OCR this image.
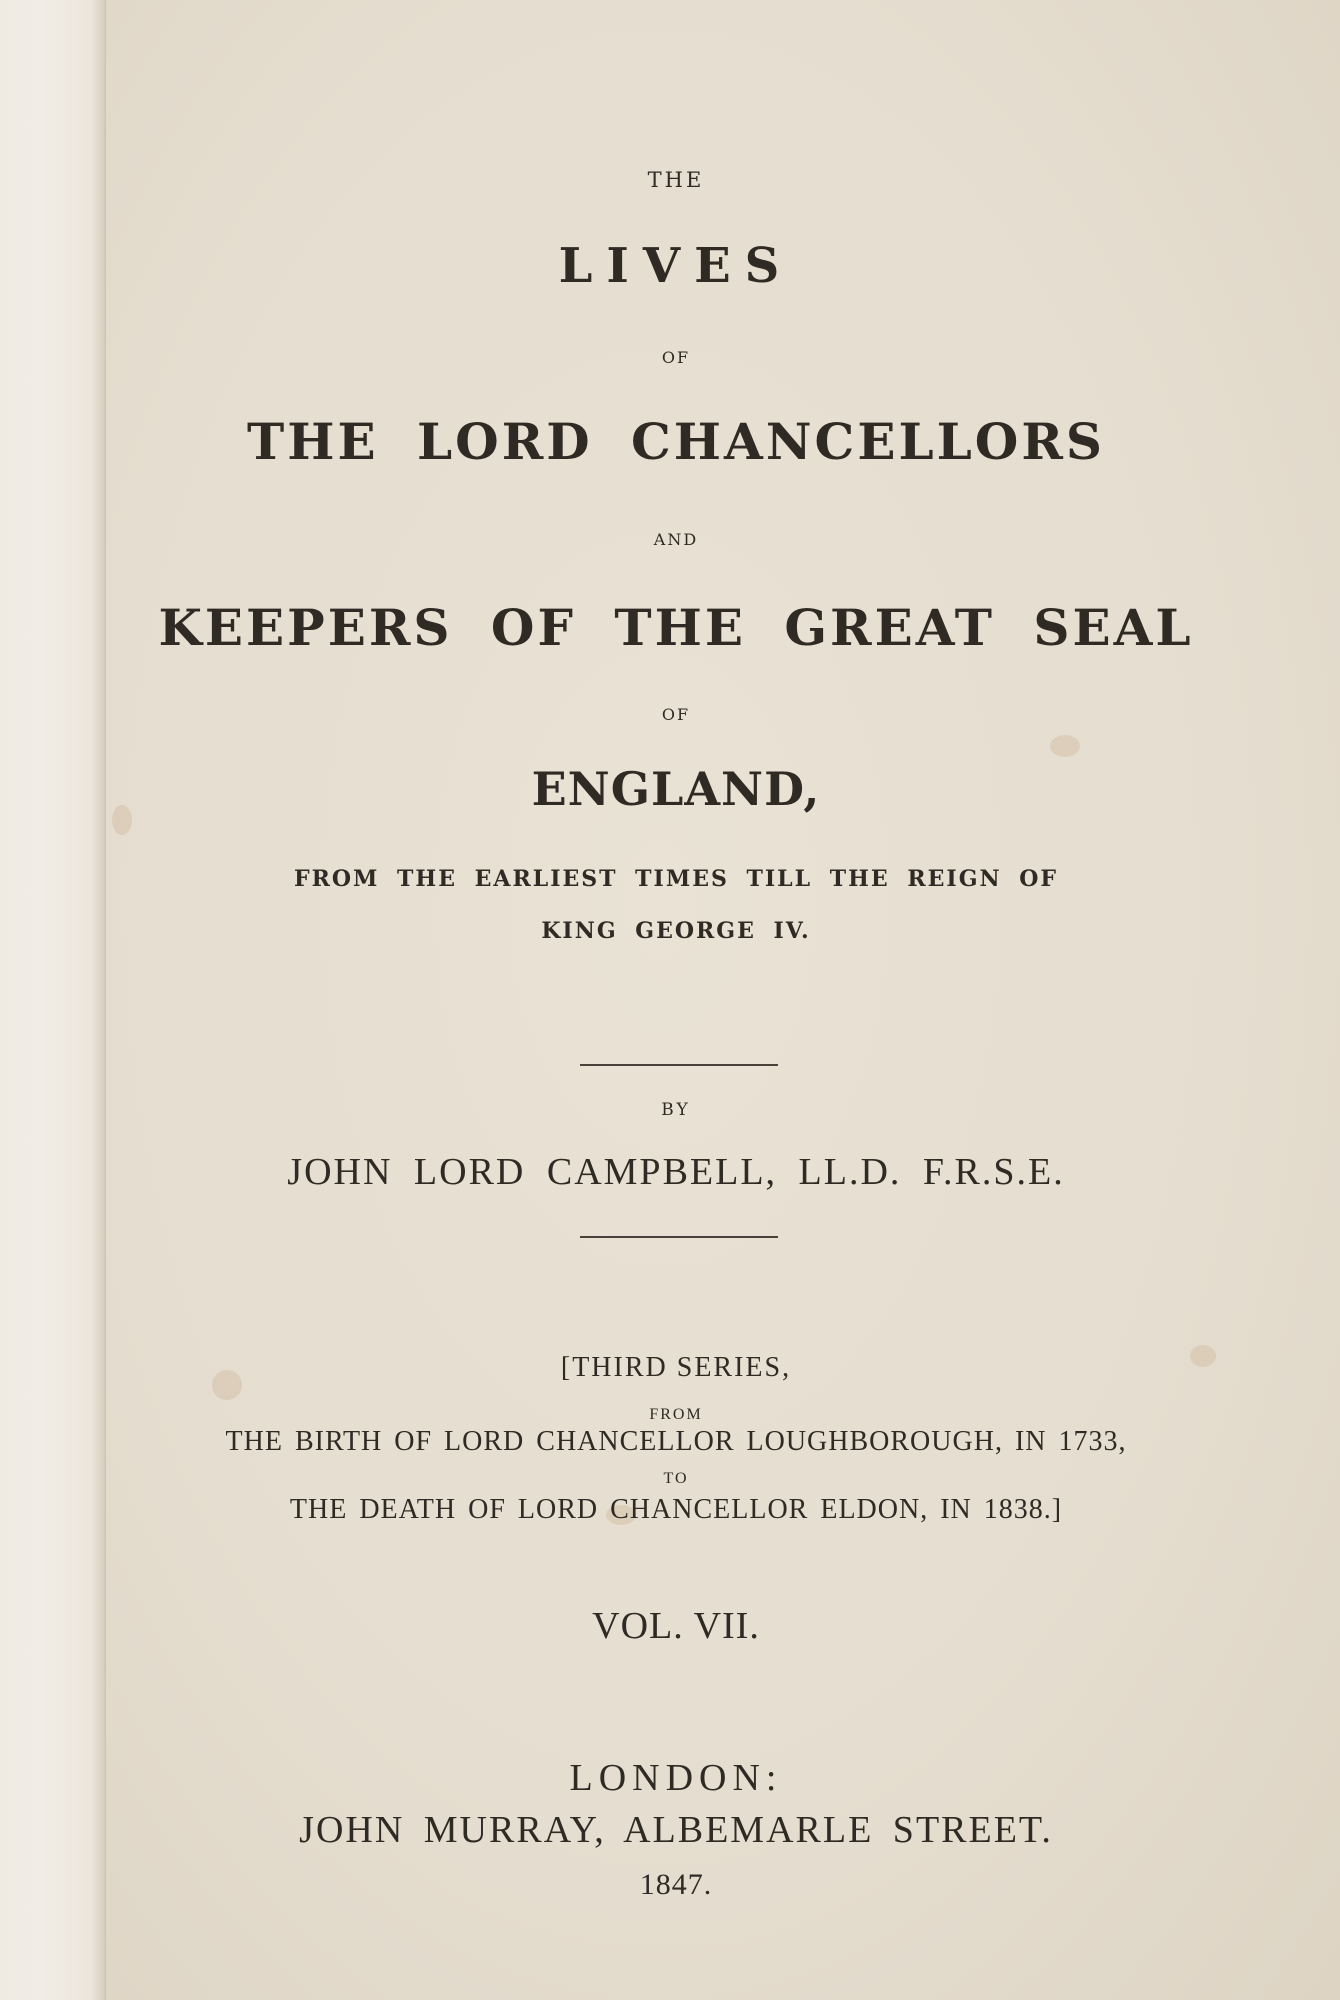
THE
LIVES
OF
THE LORD CHANCELLORS
AND
KEEPERS OF THE GREAT SEAL
OF
ENGLAND,
FROM THE EARLIEST TIMES TILL THE REIGN OF
KING GEORGE IV.
BY
JOHN LORD CAMPBELL, LL.D. F.R.S.E.
[THIRD SERIES,
FROM
THE BIRTH OF LORD CHANCELLOR LOUGHBOROUGH, IN 1733,
TO
THE DEATH OF LORD CHANCELLOR ELDON, IN 1838.]
VOL. VII.
LONDON:
JOHN MURRAY, ALBEMARLE STREET.
1847.
